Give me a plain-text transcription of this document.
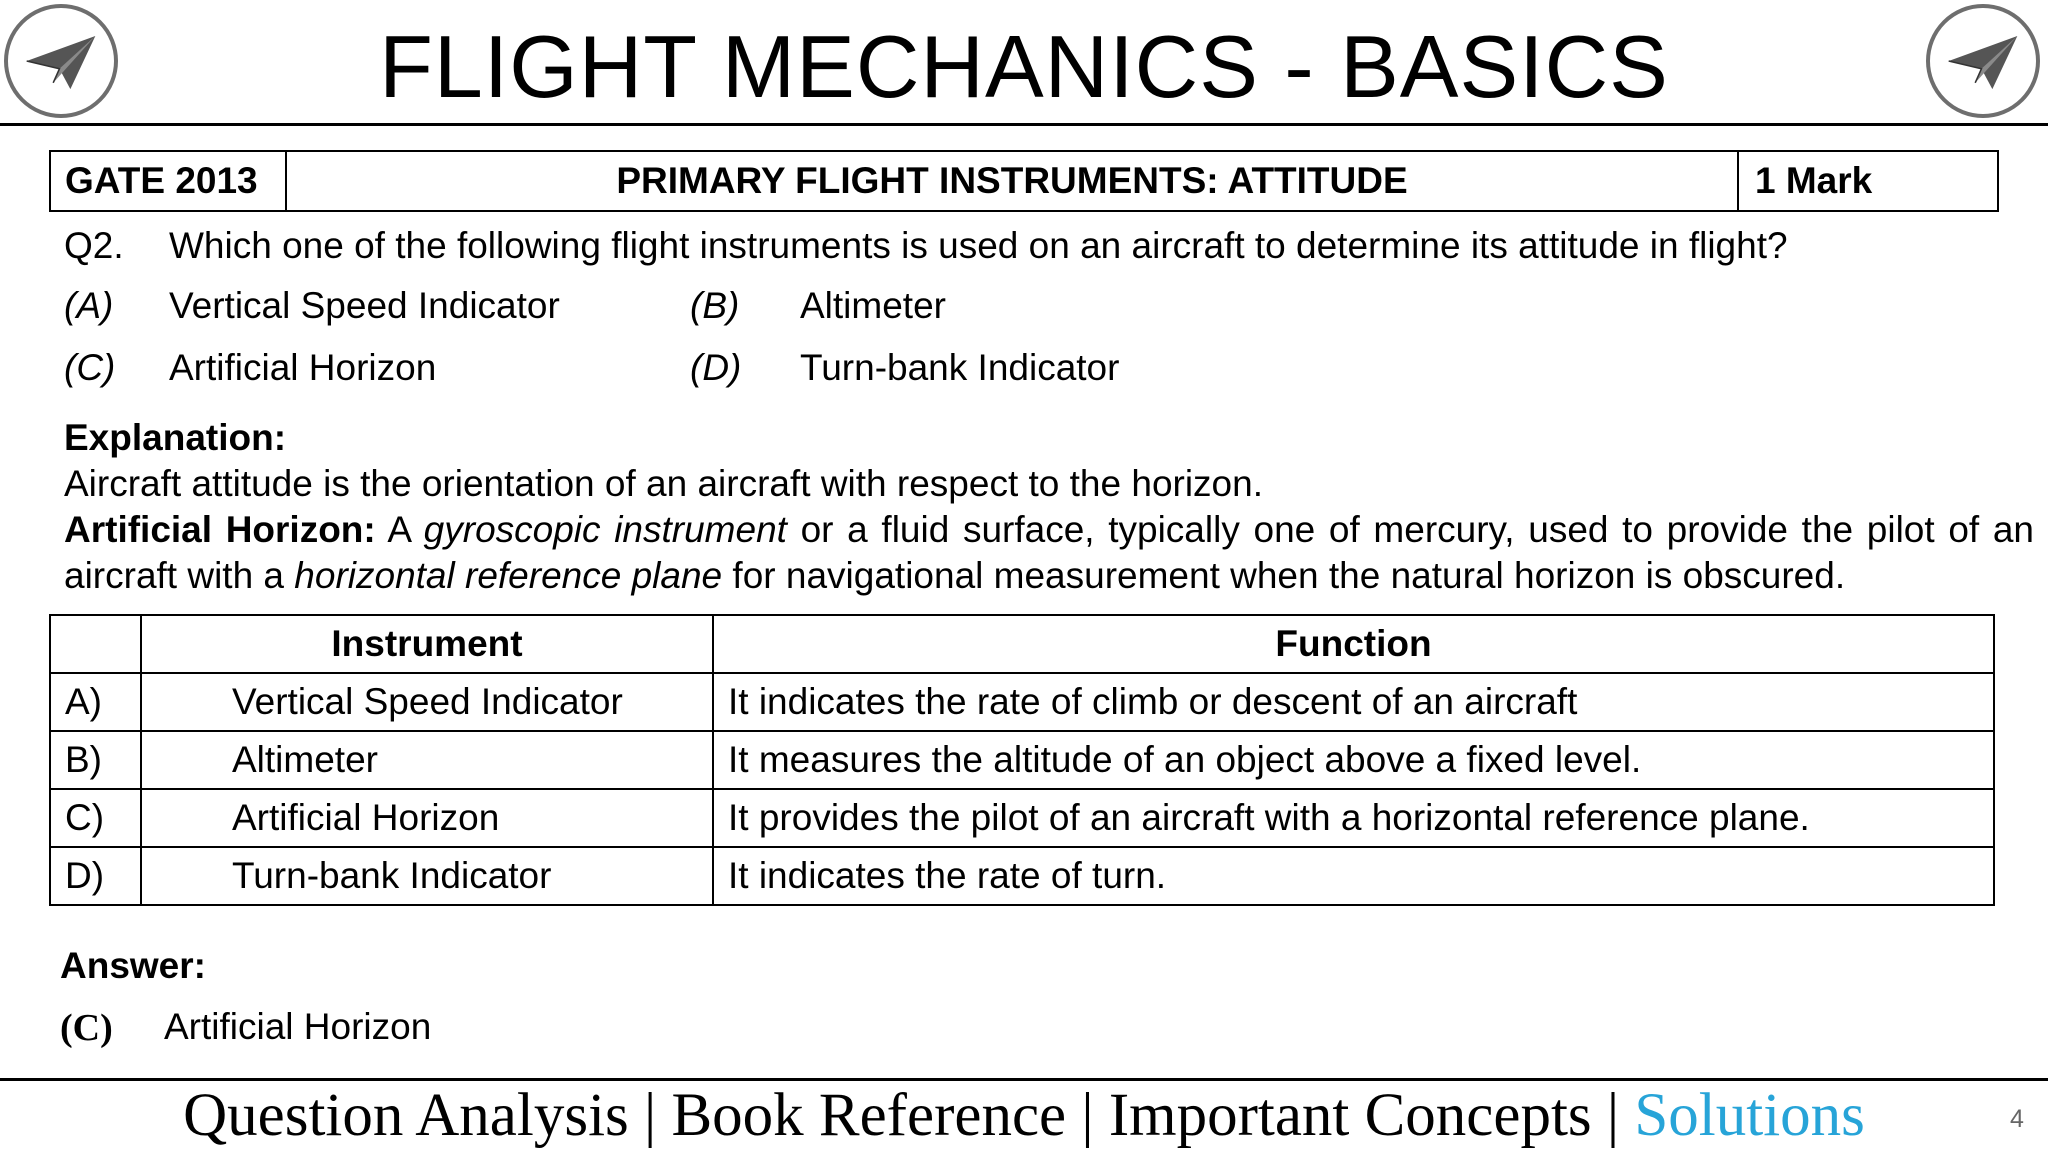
FLIGHT MECHANICS - BASICS
GATE 2013	PRIMARY FLIGHT INSTRUMENTS: ATTITUDE	1 Mark
Q2. Which one of the following flight instruments is used on an aircraft to determine its attitude in flight?
(A) Vertical Speed Indicator	(B) Altimeter
(C) Artificial Horizon	(D) Turn-bank Indicator
Explanation:
Aircraft attitude is the orientation of an aircraft with respect to the horizon.
Artificial Horizon: A gyroscopic instrument or a fluid surface, typically one of mercury, used to provide the pilot of an aircraft with a horizontal reference plane for navigational measurement when the natural horizon is obscured.
	Instrument	Function
A)	Vertical Speed Indicator	It indicates the rate of climb or descent of an aircraft
B)	Altimeter	It measures the altitude of an object above a fixed level.
C)	Artificial Horizon	It provides the pilot of an aircraft with a horizontal reference plane.
D)	Turn-bank Indicator	It indicates the rate of turn.
Answer:
(C) Artificial Horizon
Question Analysis | Book Reference | Important Concepts | Solutions	4
